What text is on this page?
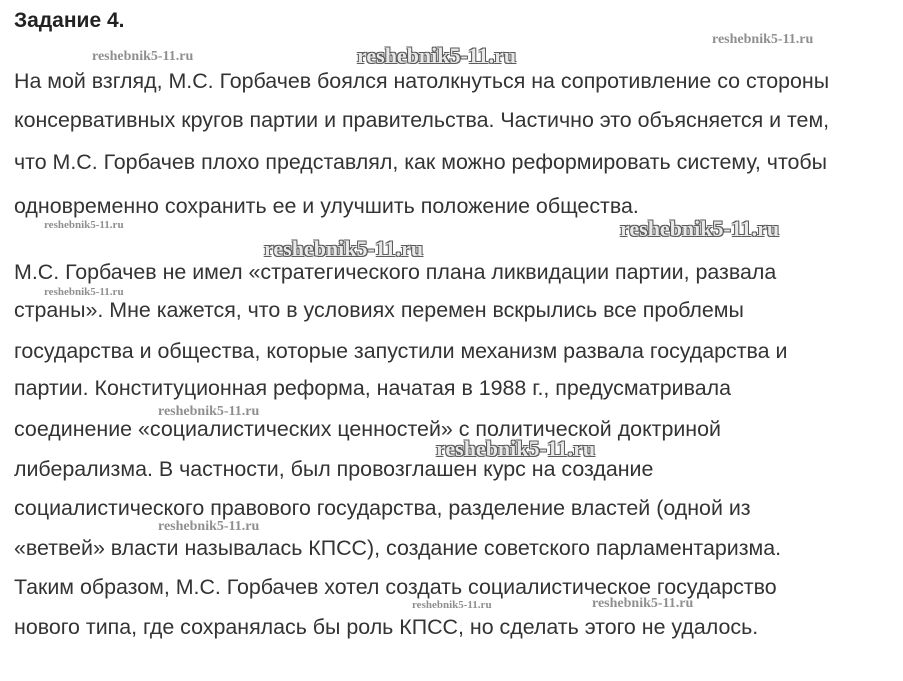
Задание 4.
reshebnik5-11.ru	reshebnik5-11.ru
reshebnik5-11.ru
reshebnik5-11.ru	reshebnik5-11.ru
reshebnik5-11.ru
reshebnik5-11.ru
reshebnik5-11.ru
reshebnik5-11.ru
reshebnik5-11.ru
reshebnik5-11.ru	reshebnik5-11.ru
На мой взгляд, М.С. Горбачев боялся натолкнуться на сопротивление со стороны
консервативных кругов партии и правительства. Частично это объясняется и тем,
что М.С. Горбачев плохо представлял, как можно реформировать систему, чтобы
одновременно сохранить ее и улучшить положение общества.
М.С. Горбачев не имел «стратегического плана ликвидации партии, развала
страны». Мне кажется, что в условиях перемен вскрылись все проблемы
государства и общества, которые запустили механизм развала государства и
партии. Конституционная реформа, начатая в 1988 г., предусматривала
соединение «социалистических ценностей» с политической доктриной
либерализма. В частности, был провозглашен курс на создание
социалистического правового государства, разделение властей (одной из
«ветвей» власти называлась КПСС), создание советского парламентаризма.
Таким образом, М.С. Горбачев хотел создать социалистическое государство
нового типа, где сохранялась бы роль КПСС, но сделать этого не удалось.
